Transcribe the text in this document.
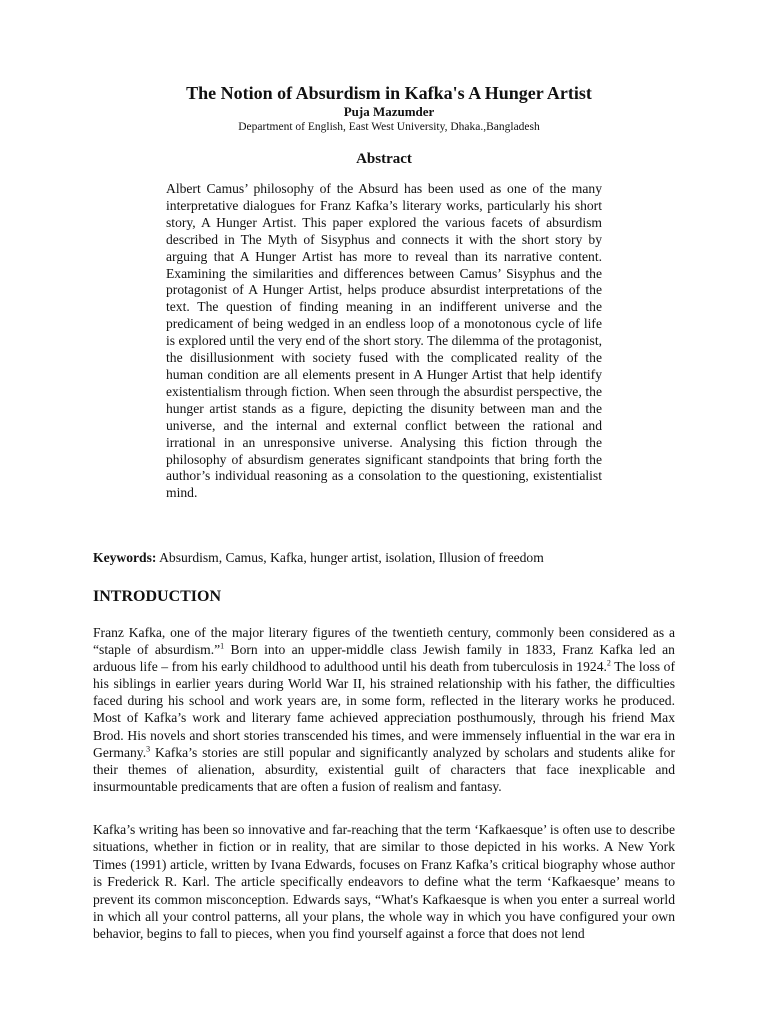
The Notion of Absurdism in Kafka's A Hunger Artist
Puja Mazumder
Department of English, East West University, Dhaka.,Bangladesh
Abstract
Albert Camus’ philosophy of the Absurd has been used as one of the many interpretative dialogues for Franz Kafka’s literary works, particularly his short story, A Hunger Artist. This paper explored the various facets of absurdism described in The Myth of Sisyphus and connects it with the short story by arguing that A Hunger Artist has more to reveal than its narrative content. Examining the similarities and differences between Camus’ Sisyphus and the protagonist of A Hunger Artist, helps produce absurdist interpretations of the text. The question of finding meaning in an indifferent universe and the predicament of being wedged in an endless loop of a monotonous cycle of life is explored until the very end of the short story. The dilemma of the protagonist, the disillusionment with society fused with the complicated reality of the human condition are all elements present in A Hunger Artist that help identify existentialism through fiction. When seen through the absurdist perspective, the hunger artist stands as a figure, depicting the disunity between man and the universe, and the internal and external conflict between the rational and irrational in an unresponsive universe. Analysing this fiction through the philosophy of absurdism generates significant standpoints that bring forth the author’s individual reasoning as a consolation to the questioning, existentialist mind.
Keywords: Absurdism, Camus, Kafka, hunger artist, isolation, Illusion of freedom
INTRODUCTION
Franz Kafka, one of the major literary figures of the twentieth century, commonly been considered as a “staple of absurdism.”$^1$ Born into an upper-middle class Jewish family in 1833, Franz Kafka led an arduous life – from his early childhood to adulthood until his death from tuberculosis in 1924.$^2$ The loss of his siblings in earlier years during World War II, his strained relationship with his father, the difficulties faced during his school and work years are, in some form, reflected in the literary works he produced. Most of Kafka’s work and literary fame achieved appreciation posthumously, through his friend Max Brod. His novels and short stories transcended his times, and were immensely influential in the war era in Germany.$^3$ Kafka’s stories are still popular and significantly analyzed by scholars and students alike for their themes of alienation, absurdity, existential guilt of characters that face inexplicable and insurmountable predicaments that are often a fusion of realism and fantasy.
Kafka’s writing has been so innovative and far-reaching that the term ‘Kafkaesque’ is often use to describe situations, whether in fiction or in reality, that are similar to those depicted in his works. A New York Times (1991) article, written by Ivana Edwards, focuses on Franz Kafka’s critical biography whose author is Frederick R. Karl. The article specifically endeavors to define what the term ‘Kafkaesque’ means to prevent its common misconception. Edwards says, “What's Kafkaesque is when you enter a surreal world in which all your control patterns, all your plans, the whole way in which you have configured your own behavior, begins to fall to pieces, when you find yourself against a force that does not lend
